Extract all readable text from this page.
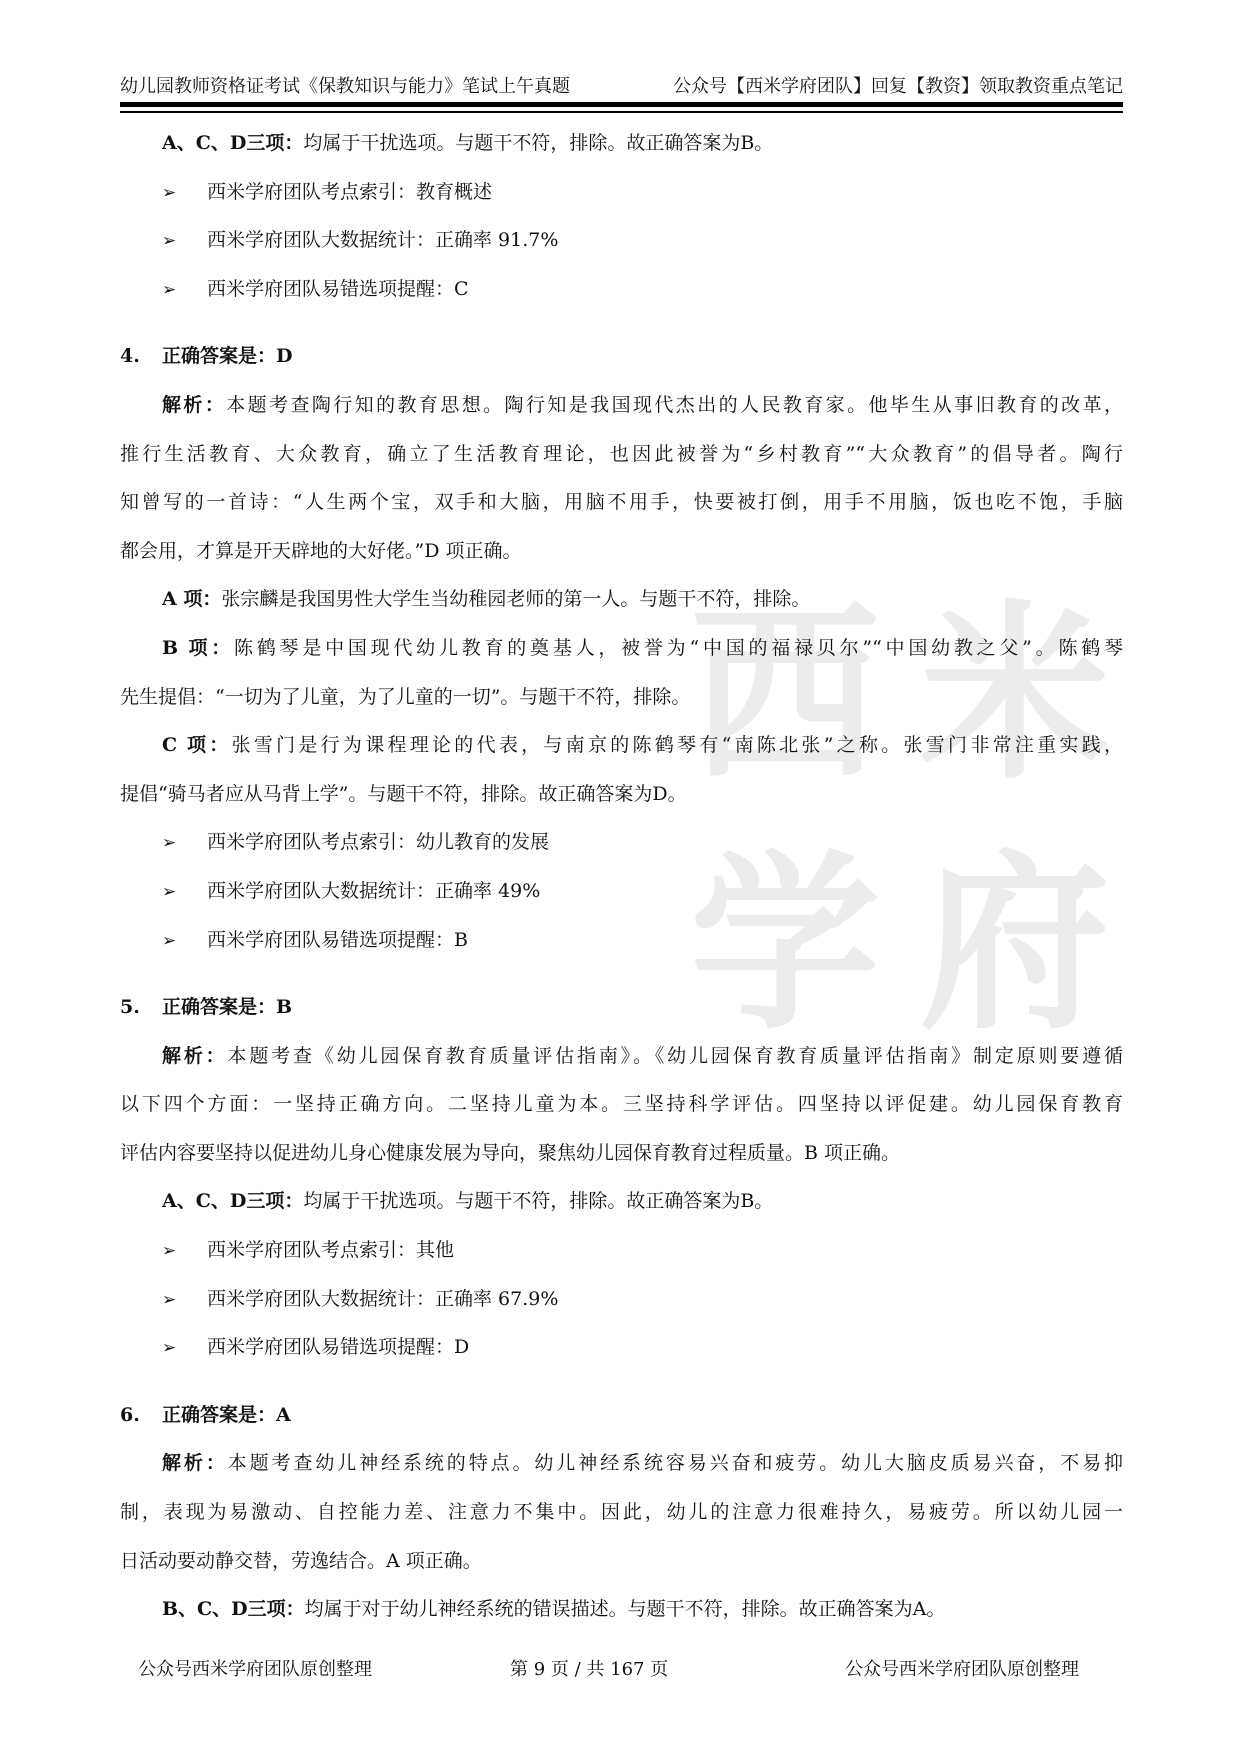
幼儿园教师资格证考试《保教知识与能力》笔试上午真题	公众号【西米学府团队】回复【教资】领取教资重点笔记
西 米
学 府
A、C、D三项：均属于干扰选项。与题干不符，排除。故正确答案为B。
➢ 西米学府团队考点索引：教育概述
➢ 西米学府团队大数据统计：正确率 91.7%
➢ 西米学府团队易错选项提醒：C
4. 正确答案是：D
解析：本题考查陶行知的教育思想。陶行知是我国现代杰出的人民教育家。他毕生从事旧教育的改革，
推行生活教育、大众教育，确立了生活教育理论，也因此被誉为“乡村教育”“大众教育”的倡导者。陶行
知曾写的一首诗：“人生两个宝，双手和大脑，用脑不用手，快要被打倒，用手不用脑，饭也吃不饱，手脑
都会用，才算是开天辟地的大好佬。”D 项正确。
A 项：张宗麟是我国男性大学生当幼稚园老师的第一人。与题干不符，排除。
B 项：陈鹤琴是中国现代幼儿教育的奠基人，被誉为“中国的福禄贝尔”“中国幼教之父”。陈鹤琴
先生提倡：“一切为了儿童，为了儿童的一切”。与题干不符，排除。
C 项：张雪门是行为课程理论的代表，与南京的陈鹤琴有“南陈北张”之称。张雪门非常注重实践，
提倡“骑马者应从马背上学”。与题干不符，排除。故正确答案为D。
➢ 西米学府团队考点索引：幼儿教育的发展
➢ 西米学府团队大数据统计：正确率 49%
➢ 西米学府团队易错选项提醒：B
5. 正确答案是：B
解析：本题考查《幼儿园保育教育质量评估指南》。《幼儿园保育教育质量评估指南》制定原则要遵循
以下四个方面：一坚持正确方向。二坚持儿童为本。三坚持科学评估。四坚持以评促建。幼儿园保育教育
评估内容要坚持以促进幼儿身心健康发展为导向，聚焦幼儿园保育教育过程质量。B 项正确。
A、C、D三项：均属于干扰选项。与题干不符，排除。故正确答案为B。
➢ 西米学府团队考点索引：其他
➢ 西米学府团队大数据统计：正确率 67.9%
➢ 西米学府团队易错选项提醒：D
6. 正确答案是：A
解析：本题考查幼儿神经系统的特点。幼儿神经系统容易兴奋和疲劳。幼儿大脑皮质易兴奋，不易抑
制，表现为易激动、自控能力差、注意力不集中。因此，幼儿的注意力很难持久，易疲劳。所以幼儿园一
日活动要动静交替，劳逸结合。A 项正确。
B、C、D三项：均属于对于幼儿神经系统的错误描述。与题干不符，排除。故正确答案为A。
公众号西米学府团队原创整理	第 9 页 / 共 167 页	公众号西米学府团队原创整理
